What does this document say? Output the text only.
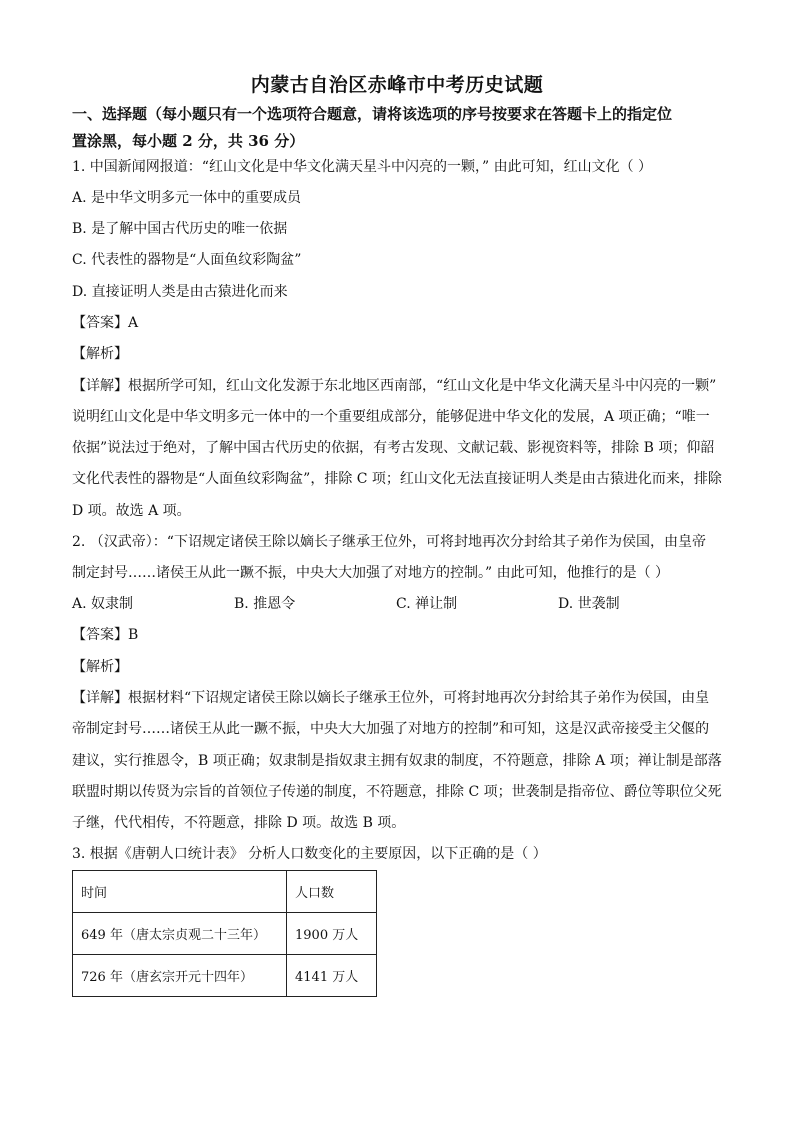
内蒙古自治区赤峰市中考历史试题
一、选择题（每小题只有一个选项符合题意，请将该选项的序号按要求在答题卡上的指定位
置涂黑，每小题 2 分，共 36 分）
1. 中国新闻网报道：“红山文化是中华文化满天星斗中闪亮的一颗，” 由此可知，红山文化（ ）
A. 是中华文明多元一体中的重要成员
B. 是了解中国古代历史的唯一依据
C. 代表性的器物是“人面鱼纹彩陶盆”
D. 直接证明人类是由古猿进化而来
【答案】A
【解析】
【详解】根据所学可知，红山文化发源于东北地区西南部，“红山文化是中华文化满天星斗中闪亮的一颗”
说明红山文化是中华文明多元一体中的一个重要组成部分，能够促进中华文化的发展，A 项正确；“唯一
依据”说法过于绝对，了解中国古代历史的依据，有考古发现、文献记载、影视资料等，排除 B 项；仰韶
文化代表性的器物是“人面鱼纹彩陶盆”，排除 C 项；红山文化无法直接证明人类是由古猿进化而来，排除
D 项。故选 A 项。
2. （汉武帝）：“下诏规定诸侯王除以嫡长子继承王位外，可将封地再次分封给其子弟作为侯国，由皇帝
制定封号……诸侯王从此一蹶不振，中央大大加强了对地方的控制。” 由此可知，他推行的是（ ）
A. 奴隶制	B. 推恩令	C. 禅让制	D. 世袭制
【答案】B
【解析】
【详解】根据材料“下诏规定诸侯王除以嫡长子继承王位外，可将封地再次分封给其子弟作为侯国，由皇
帝制定封号……诸侯王从此一蹶不振，中央大大加强了对地方的控制”和可知，这是汉武帝接受主父偃的
建议，实行推恩令，B 项正确；奴隶制是指奴隶主拥有奴隶的制度，不符题意，排除 A 项；禅让制是部落
联盟时期以传贤为宗旨的首领位子传递的制度，不符题意，排除 C 项；世袭制是指帝位、爵位等职位父死
子继，代代相传，不符题意，排除 D 项。故选 B 项。
3. 根据《唐朝人口统计表》 分析人口数变化的主要原因，以下正确的是（ ）
时间	人口数
649 年（唐太宗贞观二十三年）	1900 万人
726 年（唐玄宗开元十四年）	4141 万人
